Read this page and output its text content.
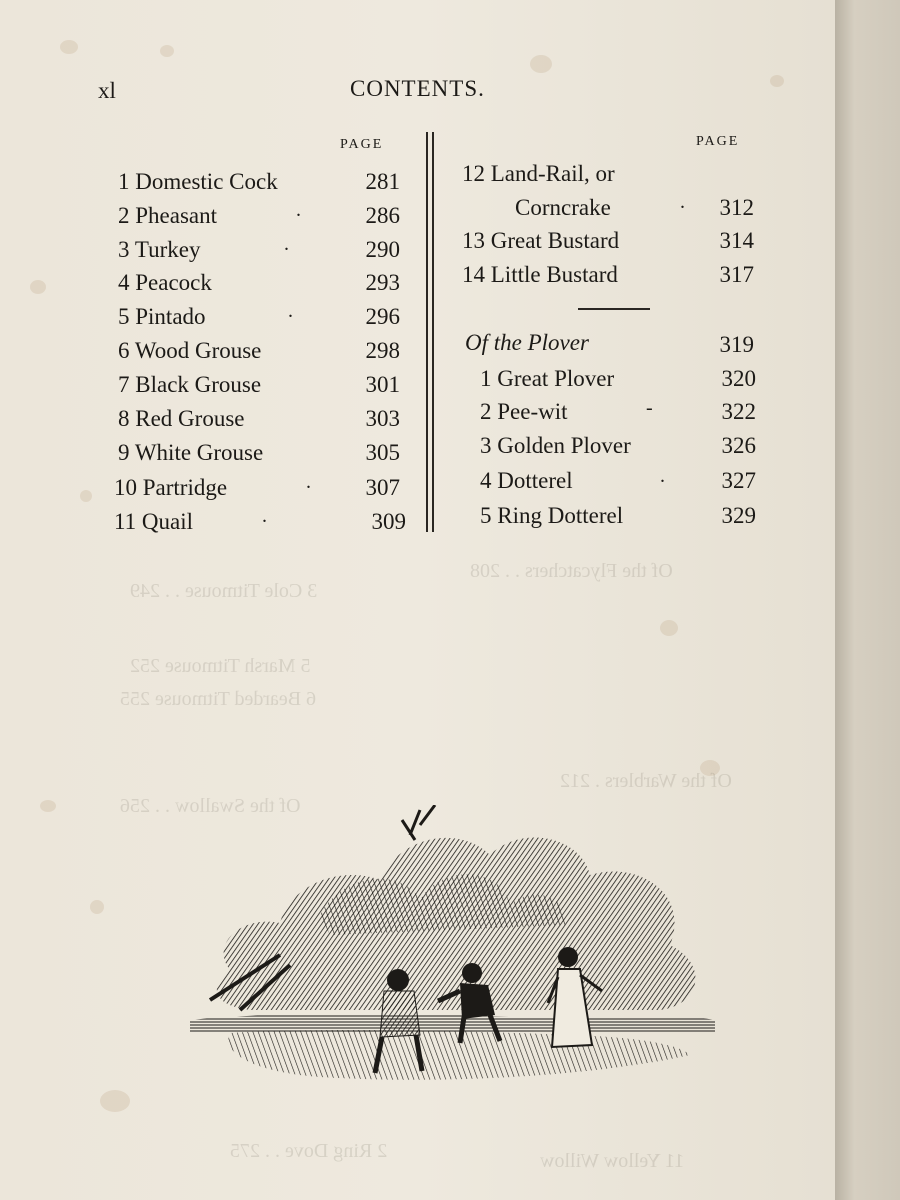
Of the Flycatchers . . 208
3 Cole Titmouse . . 249
5 Marsh Titmouse 252
6 Bearded Titmouse 255
Of the Swallow . . 256
Of the Warblers . 212
2 Ring Dove . . 275	11 Yellow Willow
xl	CONTENTS.
PAGE
1 Domestic Cock	281
2 Pheasant	.	286
3 Turkey	.	290
4 Peacock	293
5 Pintado	.	296
6 Wood Grouse	298
7 Black Grouse	301
8 Red Grouse	303
9 White Grouse	305
10 Partridge	.	307
11 Quail	.	309
PAGE
12 Land-Rail, or
Corncrake	.	312
13 Great Bustard	314
14 Little Bustard	317
Of the Plover	319
1 Great Plover	320
2 Pee-wit	-	322
3 Golden Plover	326
4 Dotterel	.	327
5 Ring Dotterel	329
